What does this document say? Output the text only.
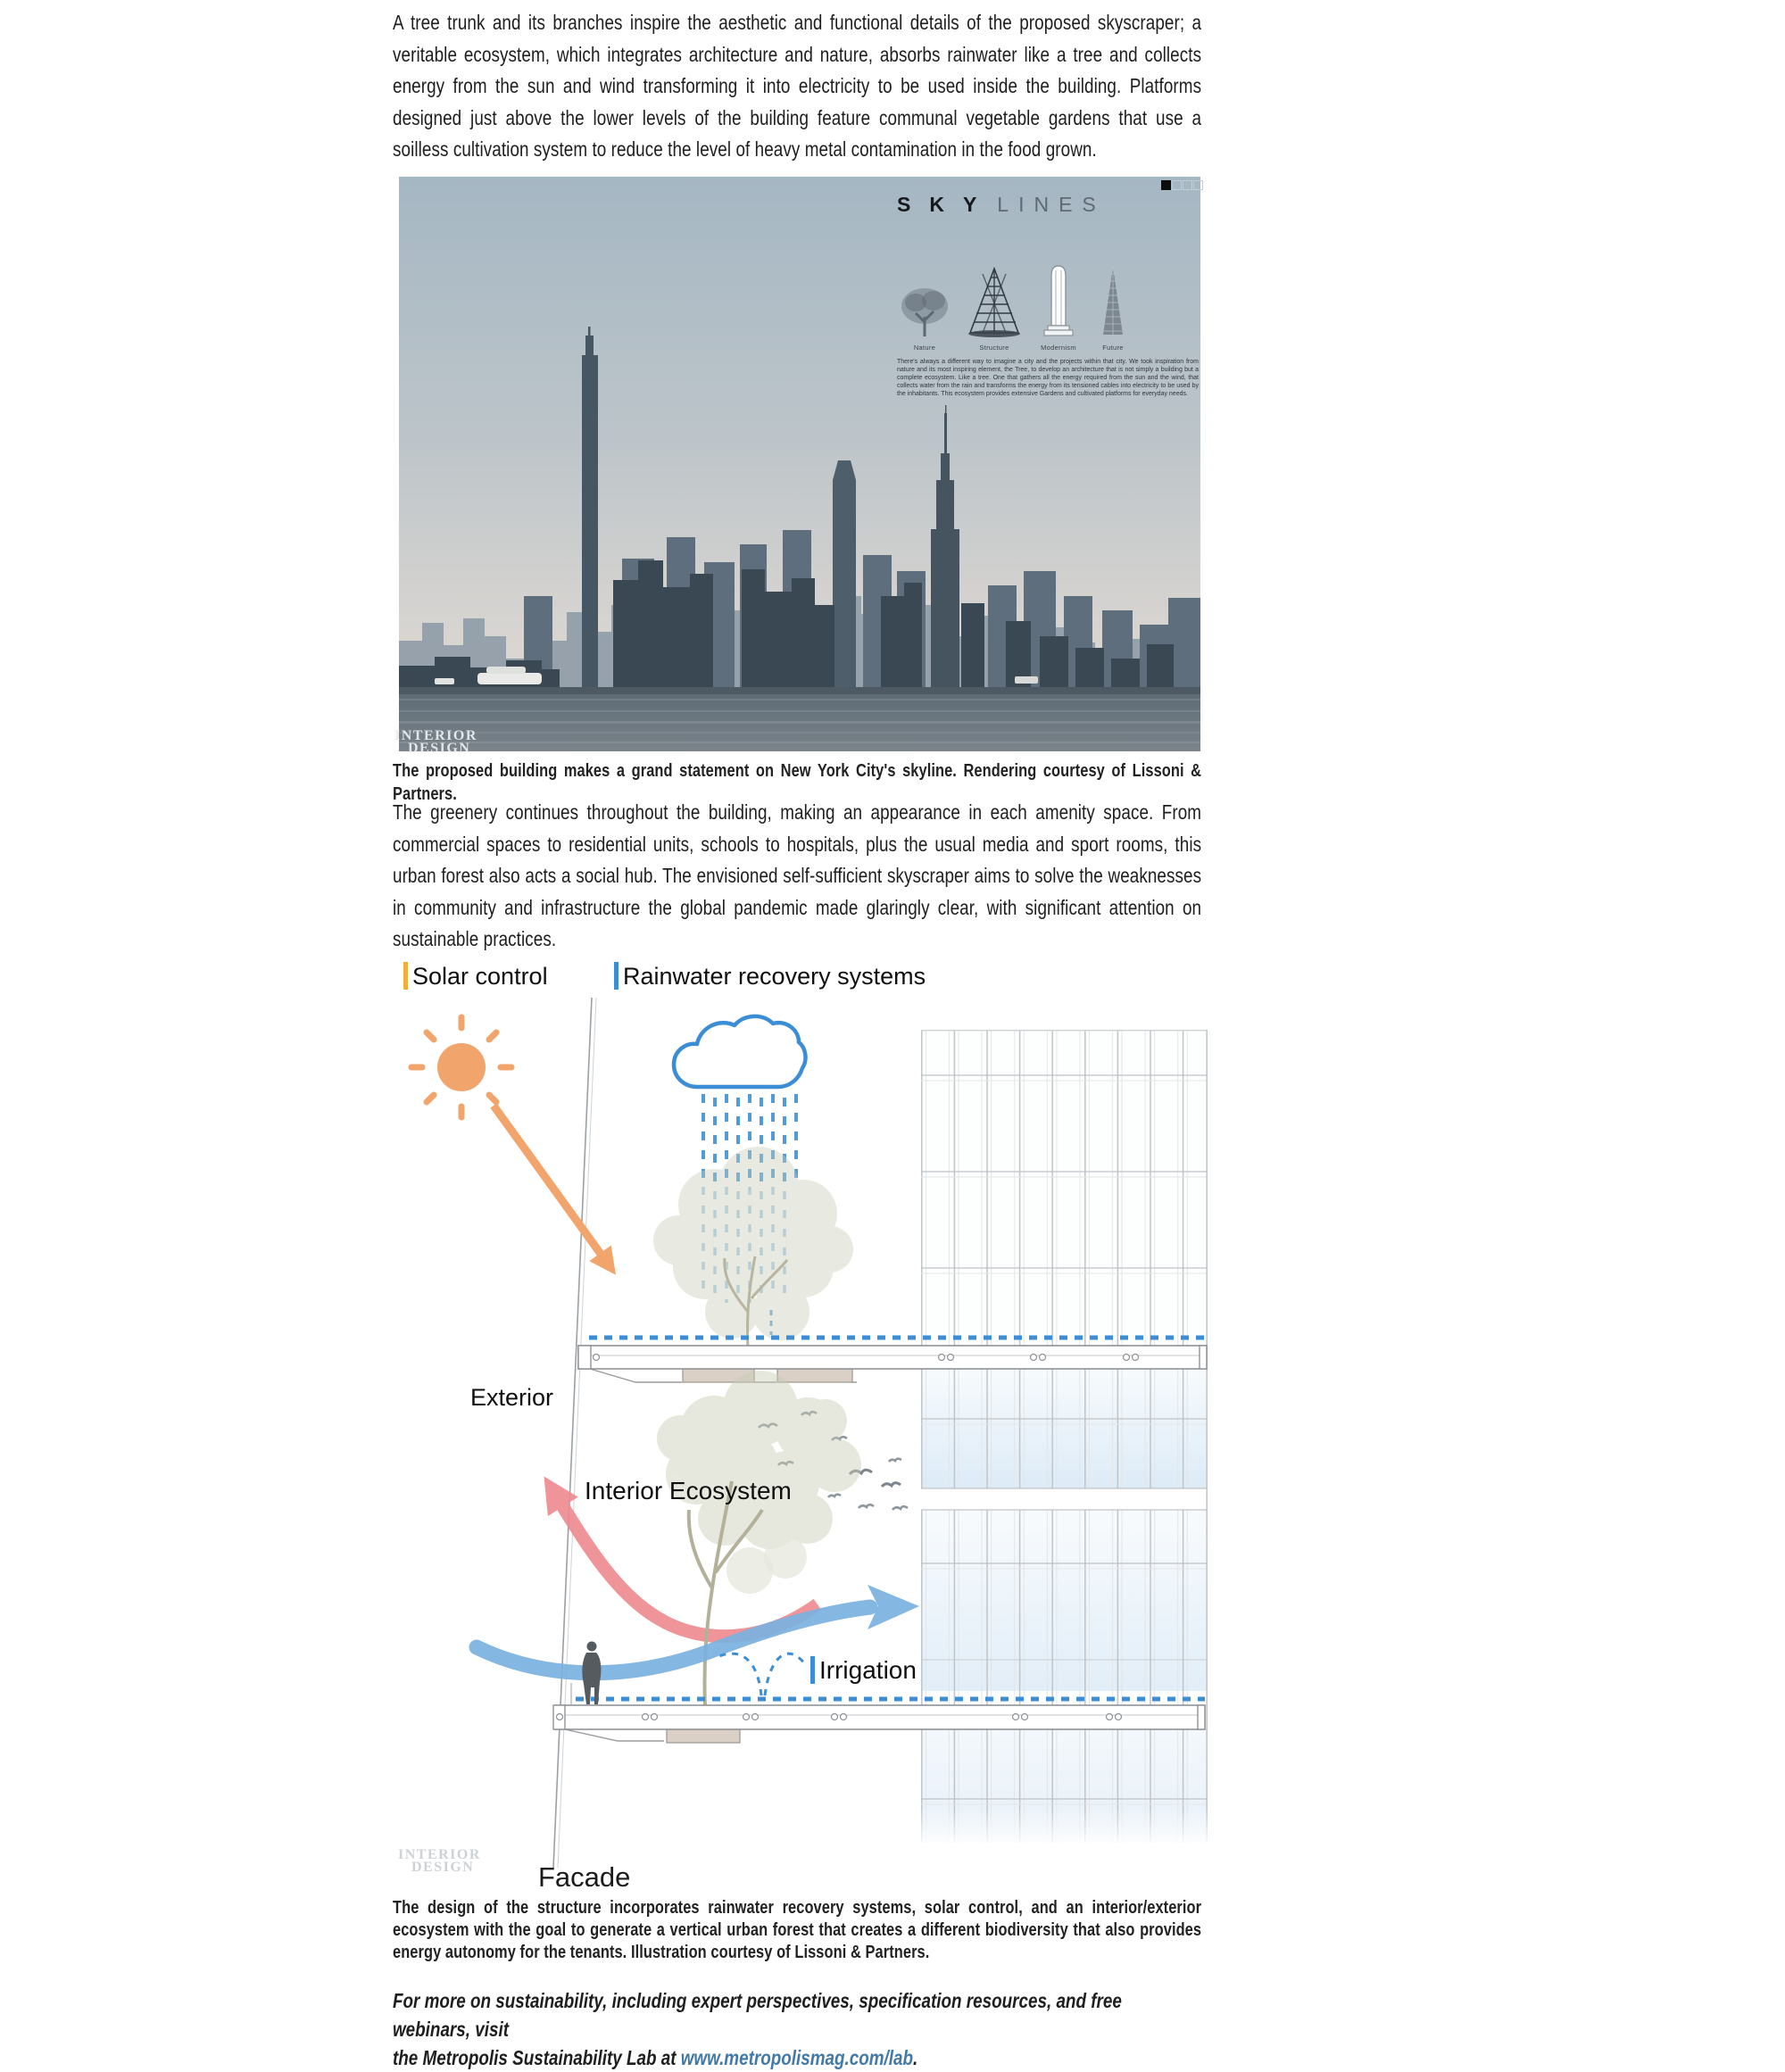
A tree trunk and its branches inspire the aesthetic and functional details of the proposed skyscraper; a veritable ecosystem, which integrates architecture and nature, absorbs rainwater like a tree and collects energy from the sun and wind transforming it into electricity to be used inside the building. Platforms designed just above the lower levels of the building feature communal vegetable gardens that use a soilless cultivation system to reduce the level of heavy metal contamination in the food grown.
SKYLINES
Nature	Structure	Modernism	Future
There's always a different way to imagine a city and the projects within that city. We took inspiration from nature and its most inspiring element, the Tree, to develop an architecture that is not simply a building but a complete ecosystem. Like a tree. One that gathers all the energy required from the sun and the wind, that collects water from the rain and transforms the energy from its tensioned cables into electricity to be used by the inhabitants. This ecosystem provides extensive Gardens and cultivated platforms for everyday needs.
INTERIOR
DESIGN
The proposed building makes a grand statement on New York City's skyline. Rendering courtesy of Lissoni & Partners.
The greenery continues throughout the building, making an appearance in each amenity space. From commercial spaces to residential units, schools to hospitals, plus the usual media and sport rooms, this urban forest also acts a social hub. The envisioned self-sufficient skyscraper aims to solve the weaknesses in community and infrastructure the global pandemic made glaringly clear, with significant attention on sustainable practices.
Solar control	Rainwater recovery systems
Exterior
Interior Ecosystem
Irrigation
Facade
INTERIOR
DESIGN
The design of the structure incorporates rainwater recovery systems, solar control, and an interior/exterior ecosystem with the goal to generate a vertical urban forest that creates a different biodiversity that also provides energy autonomy for the tenants. Illustration courtesy of Lissoni & Partners.
For more on sustainability, including expert perspectives, specification resources, and free webinars, visit
the Metropolis Sustainability Lab at www.metropolismag.com/lab.
